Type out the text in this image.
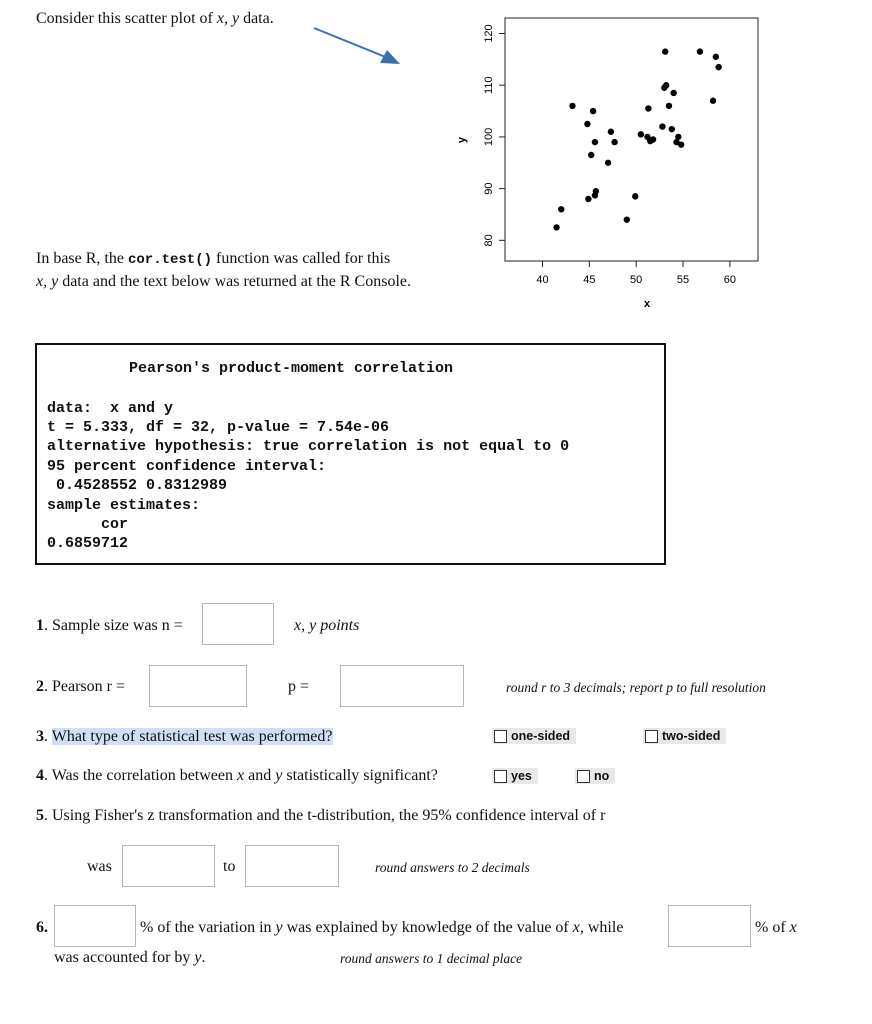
Consider this scatter plot of x, y data.
40	45	50	55	60
80
90
100
110
120
x
y
In base R, the cor.test() function was called for this
x, y data and the text below was returned at the R Console.
Pearson's product-moment correlation
data:  x and y
t = 5.333, df = 32, p-value = 7.54e-06
alternative hypothesis: true correlation is not equal to 0
95 percent confidence interval:
0.4528552 0.8312989
sample estimates:
cor
0.6859712
1. Sample size was n =	x, y points
2. Pearson r =	p =	round r to 3 decimals; report p to full resolution
3. What type of statistical test was performed?	one-sided	two-sided
4. Was the correlation between x and y statistically significant?	yes	no
5. Using Fisher's z transformation and the t-distribution, the 95% confidence interval of r
was	to	round answers to 2 decimals
6.	% of the variation in y was explained by knowledge of the value of x, while	% of x
was accounted for by y.	round answers to 1 decimal place
